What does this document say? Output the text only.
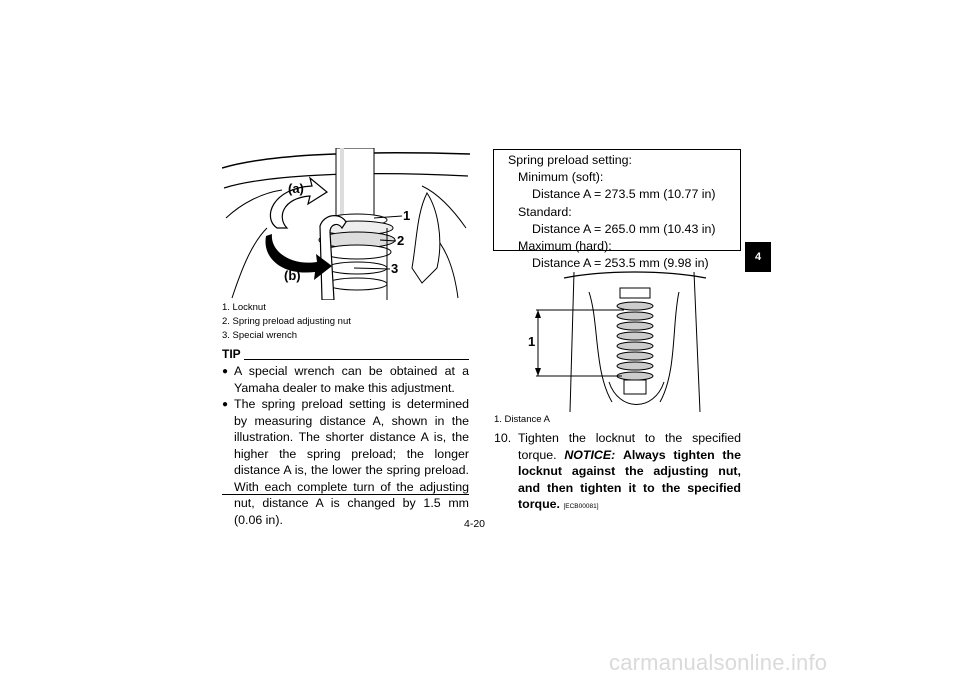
(a)
(b)
1
2
3
1. Locknut
2. Spring preload adjusting nut
3. Special wrench
TIP
● A special wrench can be obtained at a Yamaha dealer to make this adjustment.
● The spring preload setting is determined by measuring distance A, shown in the illustration. The shorter distance A is, the higher the spring preload; the longer distance A is, the lower the spring preload. With each complete turn of the adjusting nut, distance A is changed by 1.5 mm (0.06 in).
Spring preload setting:
Minimum (soft):
Distance A = 273.5 mm (10.77 in)
Standard:
Distance A = 265.0 mm (10.43 in)
Maximum (hard):
Distance A = 253.5 mm (9.98 in)	4
1
1. Distance A
10. Tighten the locknut to the specified torque. NOTICE: Always tighten the locknut against the adjusting nut, and then tighten it to the specified torque. [ECB00081]
4-20
carmanualsonline.info
